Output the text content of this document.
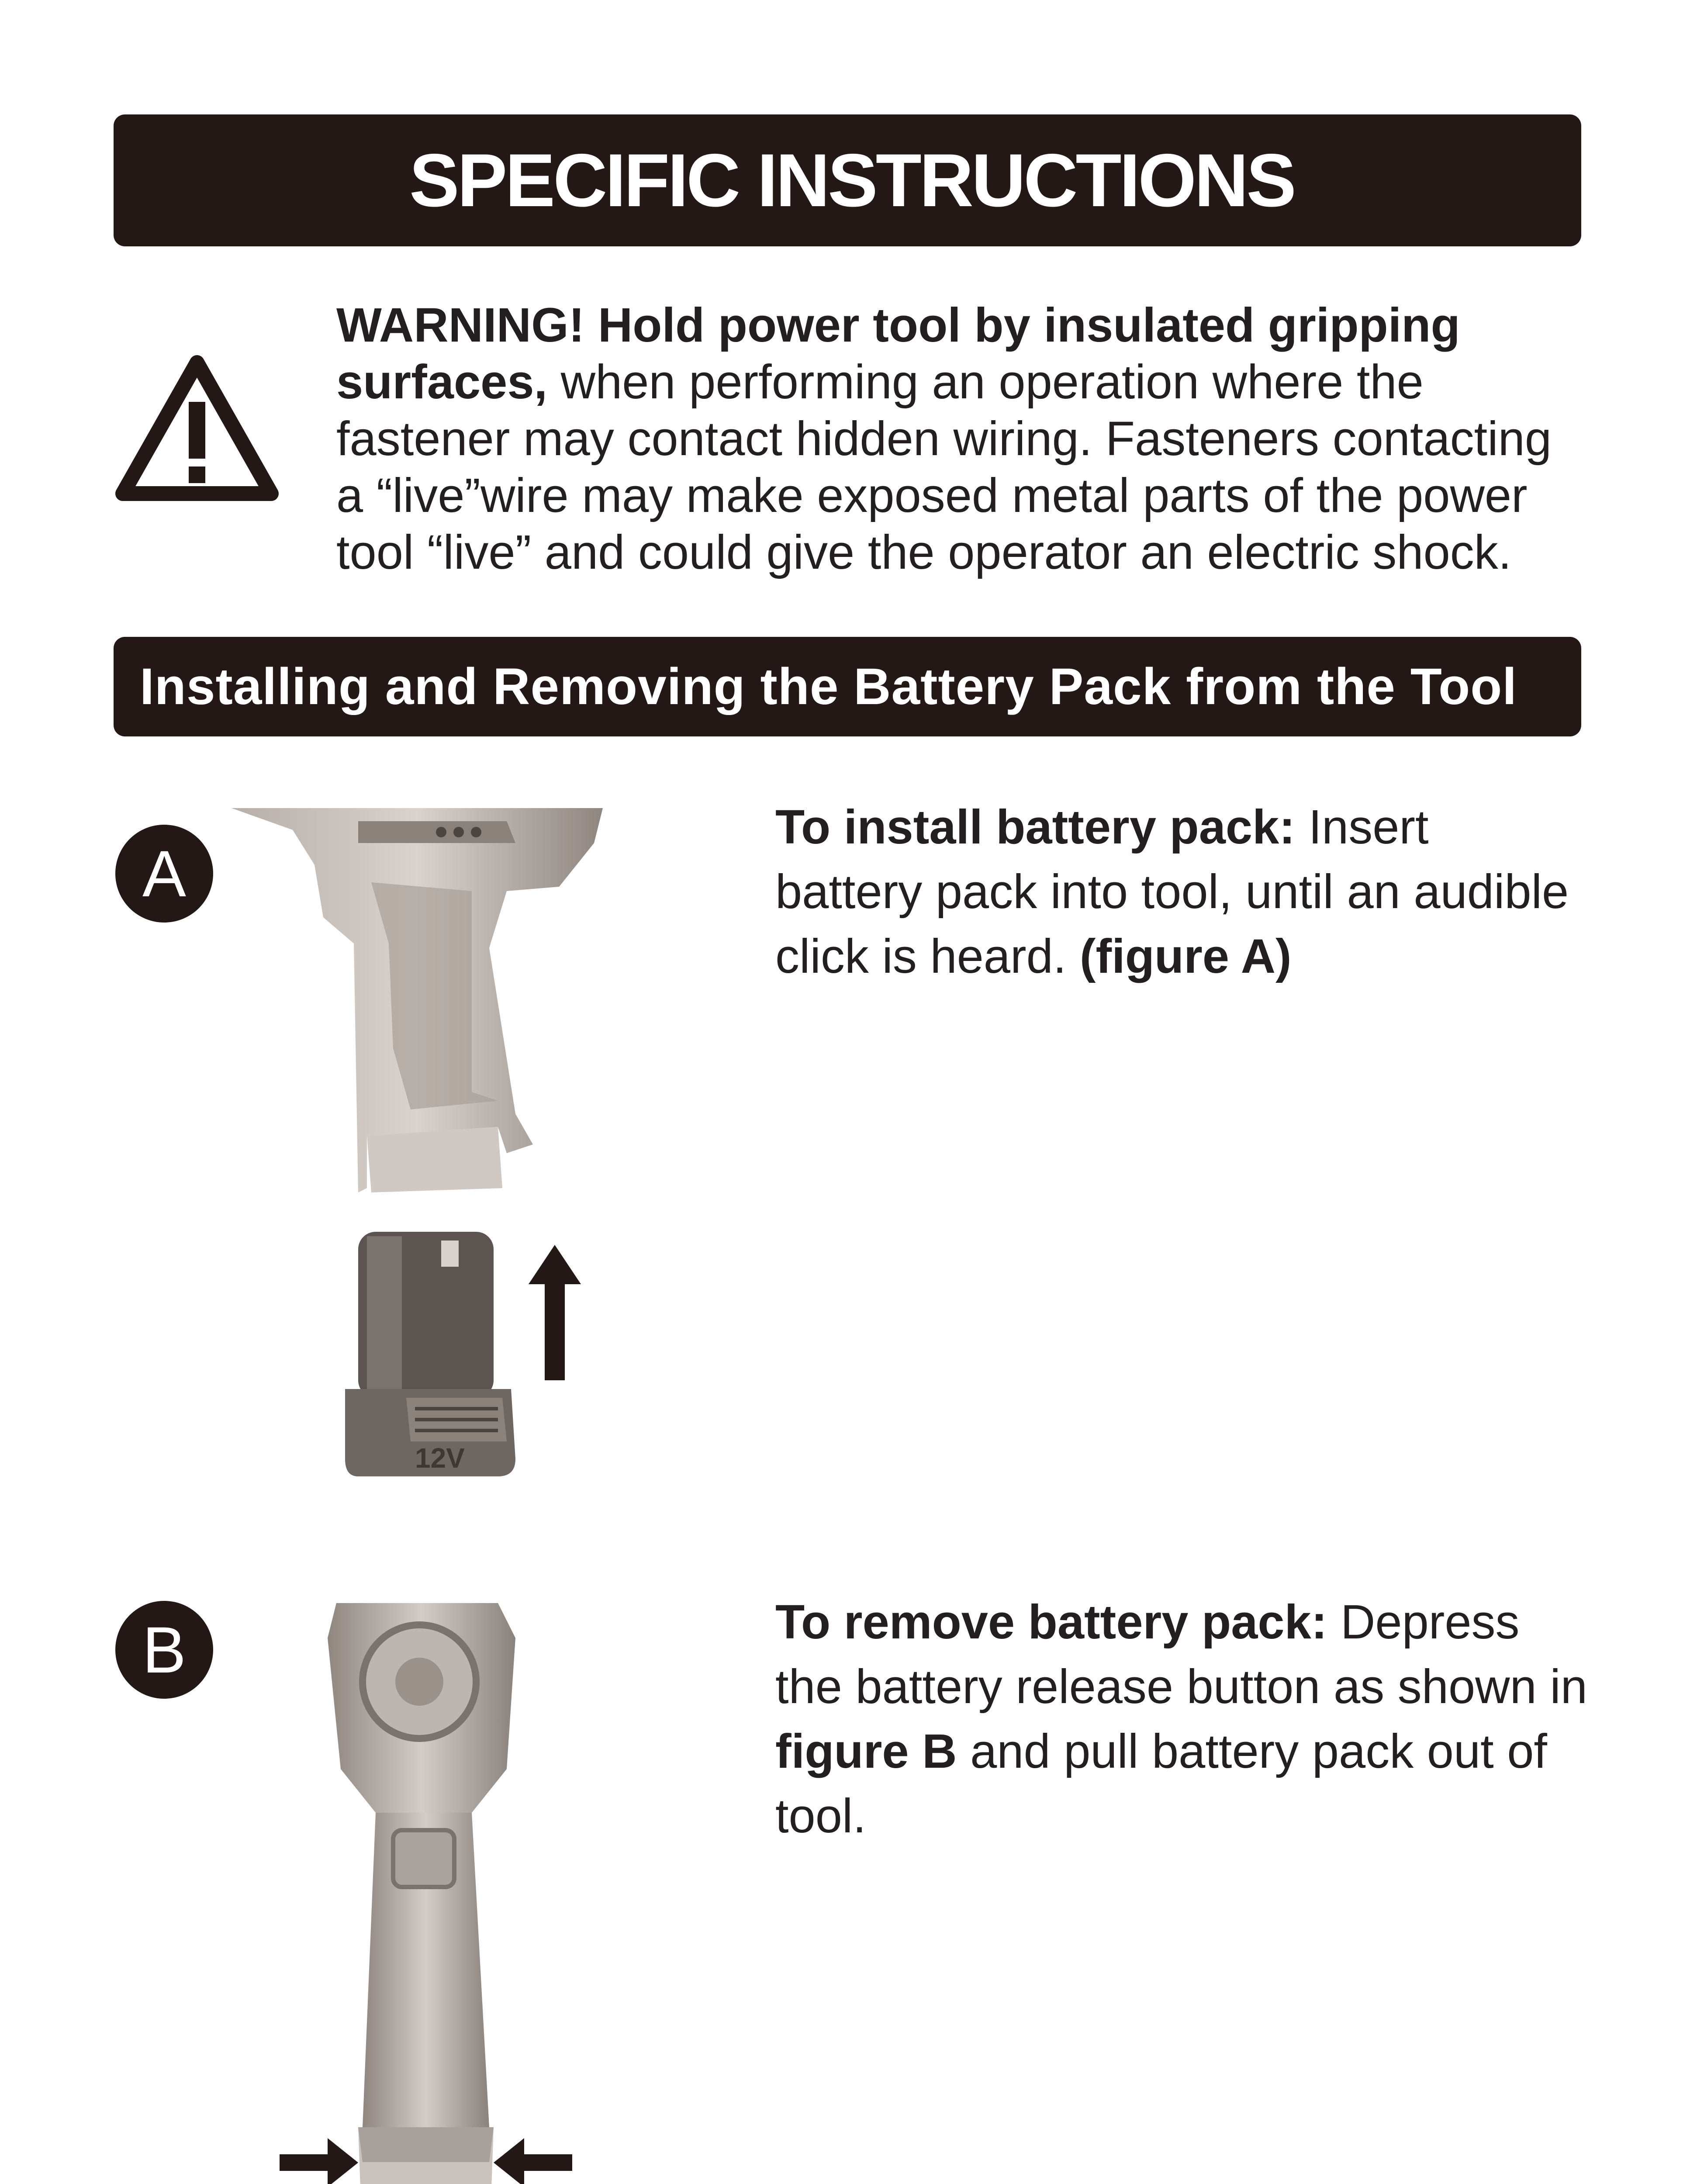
SPECIFIC INSTRUCTIONS

WARNING! Hold power tool by insulated gripping

surfaces, when performing an operation where the

fastener may contact hidden wiring. Fasteners contacting

a “live”wire may make exposed metal parts of the power

tool “live” and could give the operator an electric shock.

Installing and Removing the Battery Pack from the Tool
A
12V

To install battery pack: Insert

battery pack into tool, until an audible

click is heard. (figure A)

B	To remove battery pack: Depress

the battery release button as shown in

figure B and pull battery pack out of

tool.
